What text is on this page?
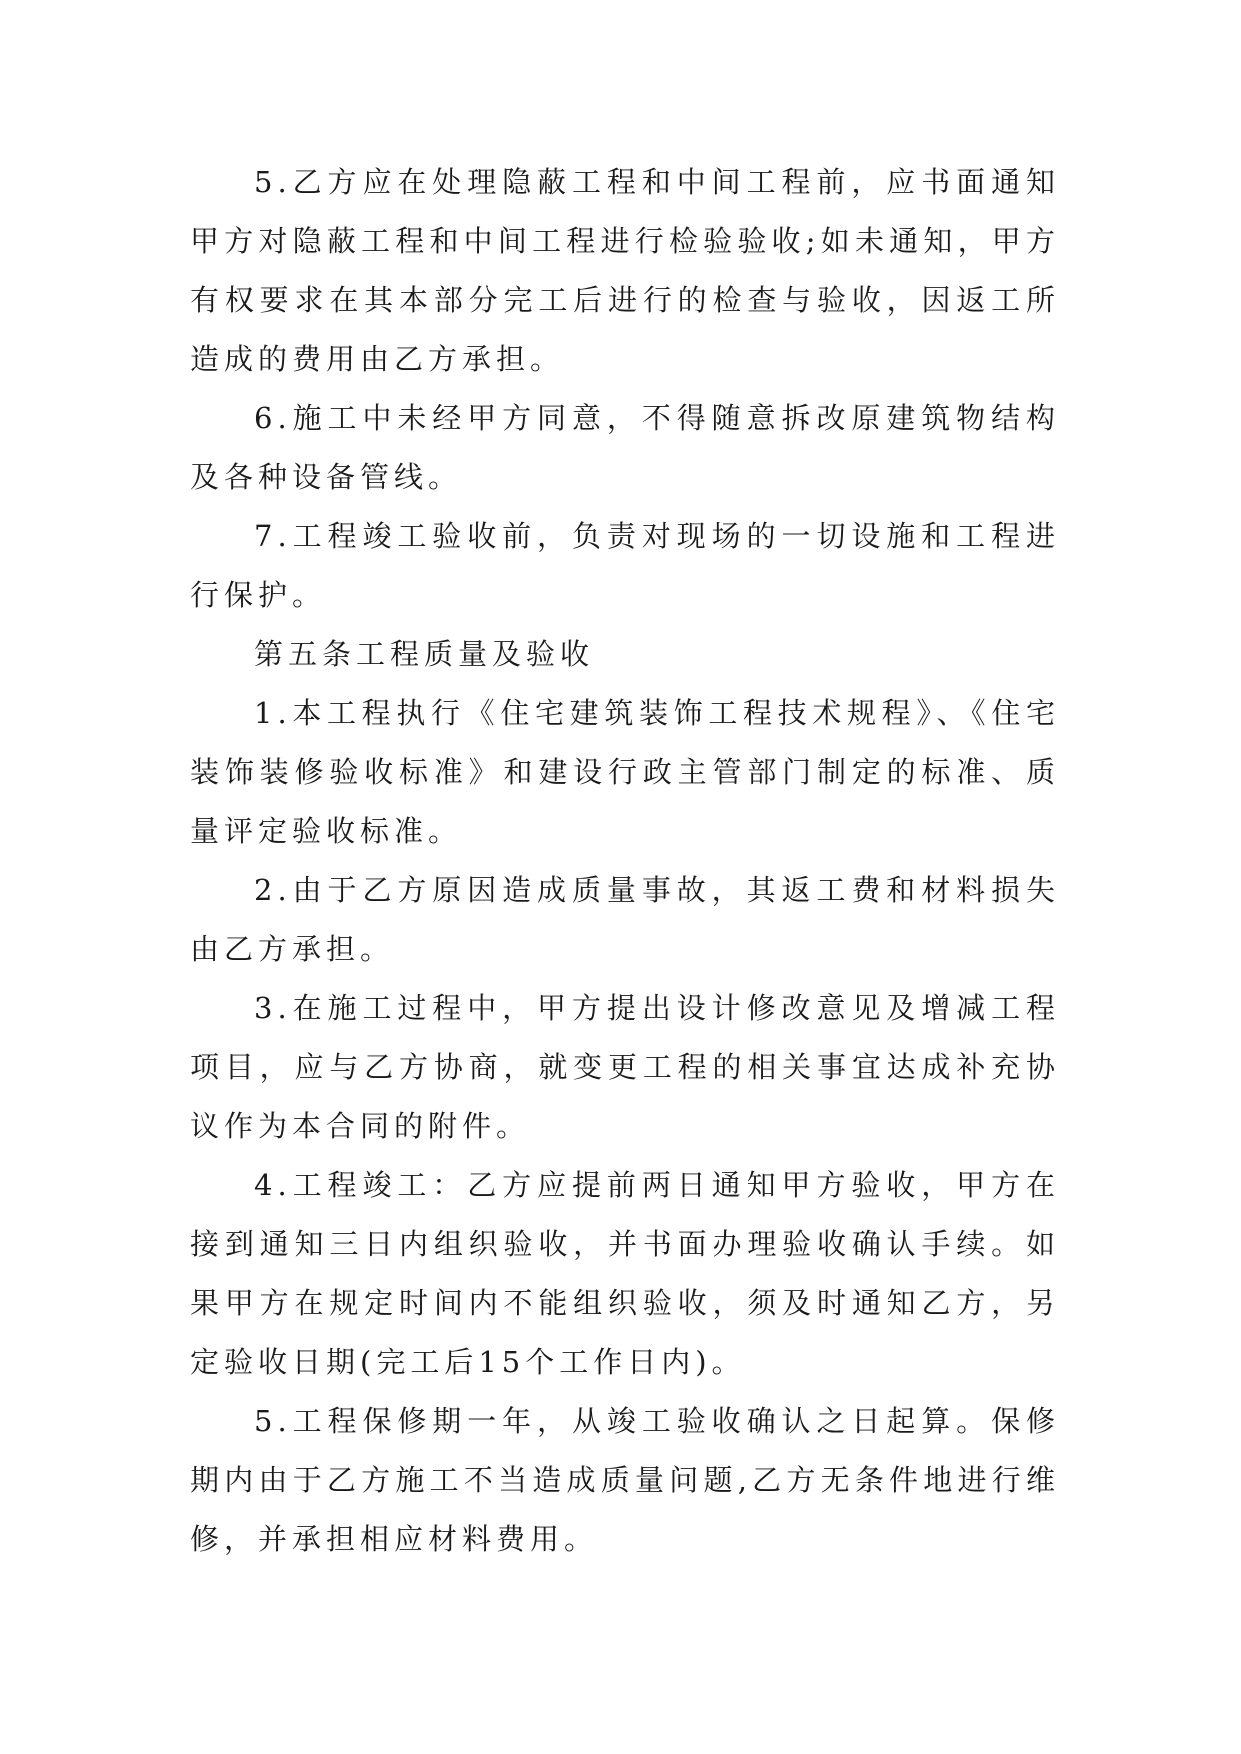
5.乙方应在处理隐蔽工程和中间工程前，应书面通知甲方对隐蔽工程和中间工程进行检验验收;如未通知，甲方有权要求在其本部分完工后进行的检查与验收，因返工所造成的费用由乙方承担。

6.施工中未经甲方同意，不得随意拆改原建筑物结构及各种设备管线。

7.工程竣工验收前，负责对现场的一切设施和工程进行保护。

第五条工程质量及验收

1.本工程执行《住宅建筑装饰工程技术规程》、《住宅装饰装修验收标准》和建设行政主管部门制定的标准、质量评定验收标准。

2.由于乙方原因造成质量事故，其返工费和材料损失由乙方承担。

3.在施工过程中，甲方提出设计修改意见及增减工程项目，应与乙方协商，就变更工程的相关事宜达成补充协议作为本合同的附件。

4.工程竣工：乙方应提前两日通知甲方验收，甲方在接到通知三日内组织验收，并书面办理验收确认手续。如果甲方在规定时间内不能组织验收，须及时通知乙方，另定验收日期(完工后15个工作日内)。

5.工程保修期一年，从竣工验收确认之日起算。保修期内由于乙方施工不当造成质量问题,乙方无条件地进行维修，并承担相应材料费用。
